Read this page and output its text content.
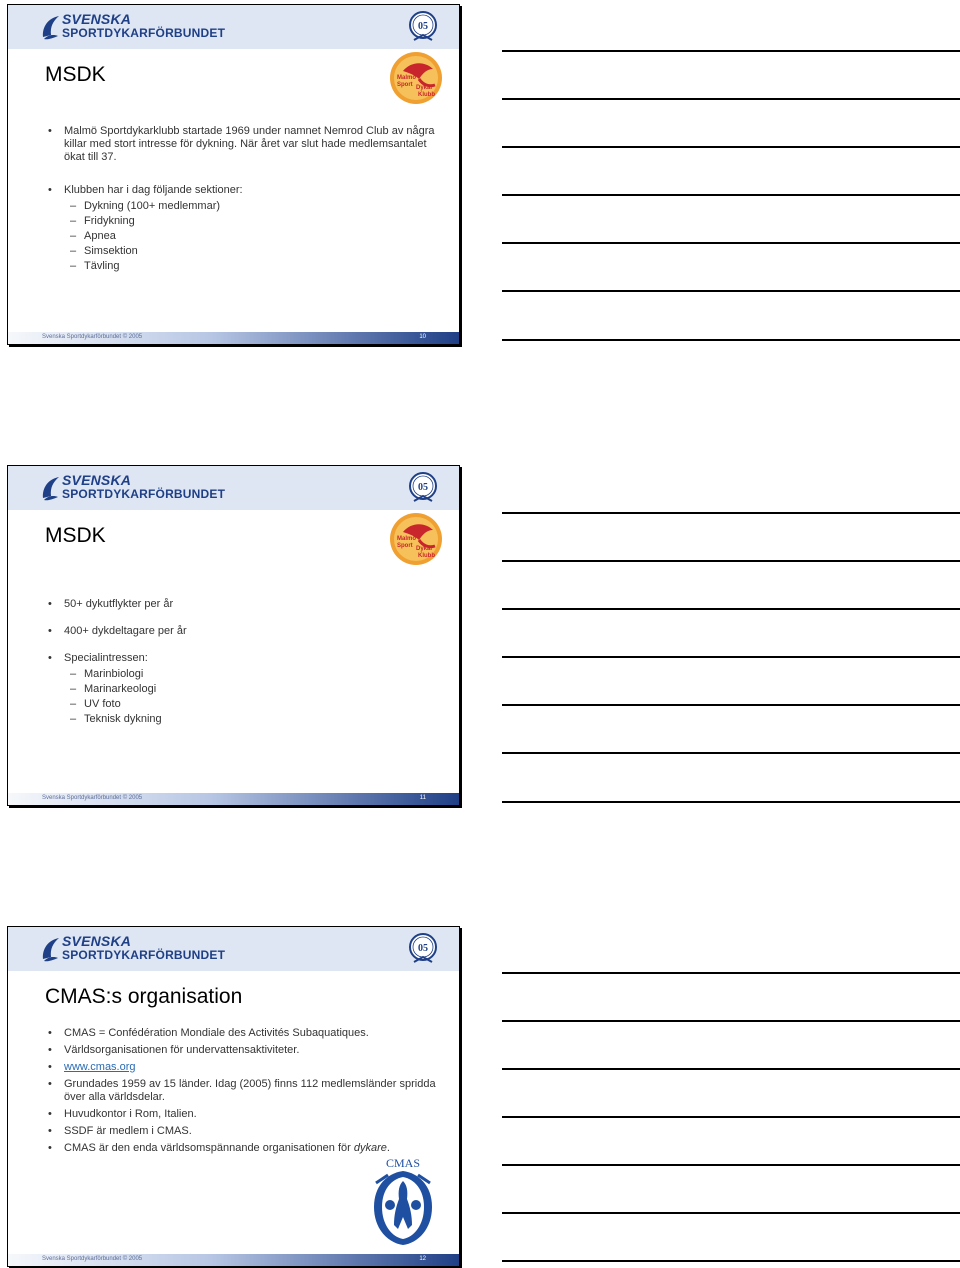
SVENSKA
SPORTDYKARFÖRBUNDET	05
MSDK	Malmö
Sport Dykar
Klubb
• Malmö Sportdykarklubb startade 1969 under namnet Nemrod Club av några killar med stort intresse för dykning. När året var slut hade medlemsantalet ökat till 37.
• Klubben har i dag följande sektioner:
– Dykning (100+ medlemmar)
– Fridykning
– Apnea
– Simsektion
– Tävling
Svenska Sportdykarförbundet © 2005	10
SVENSKA
SPORTDYKARFÖRBUNDET	05
MSDK	Malmö
Sport Dykar
Klubb
• 50+ dykutflykter per år
• 400+ dykdeltagare per år
• Specialintressen:
– Marinbiologi
– Marinarkeologi
– UV foto
– Teknisk dykning
Svenska Sportdykarförbundet © 2005	11
SVENSKA
SPORTDYKARFÖRBUNDET	05
CMAS:s organisation
• CMAS = Confédération Mondiale des Activités Subaquatiques.
• Världsorganisationen för undervattensaktiviteter.
• www.cmas.org
• Grundades 1959 av 15 länder. Idag (2005) finns 112 medlemsländer spridda över alla världsdelar.
• Huvudkontor i Rom, Italien.
• SSDF är medlem i CMAS.
• CMAS är den enda världsomspännande organisationen för dykare.
CMAS
Svenska Sportdykarförbundet © 2005	12
